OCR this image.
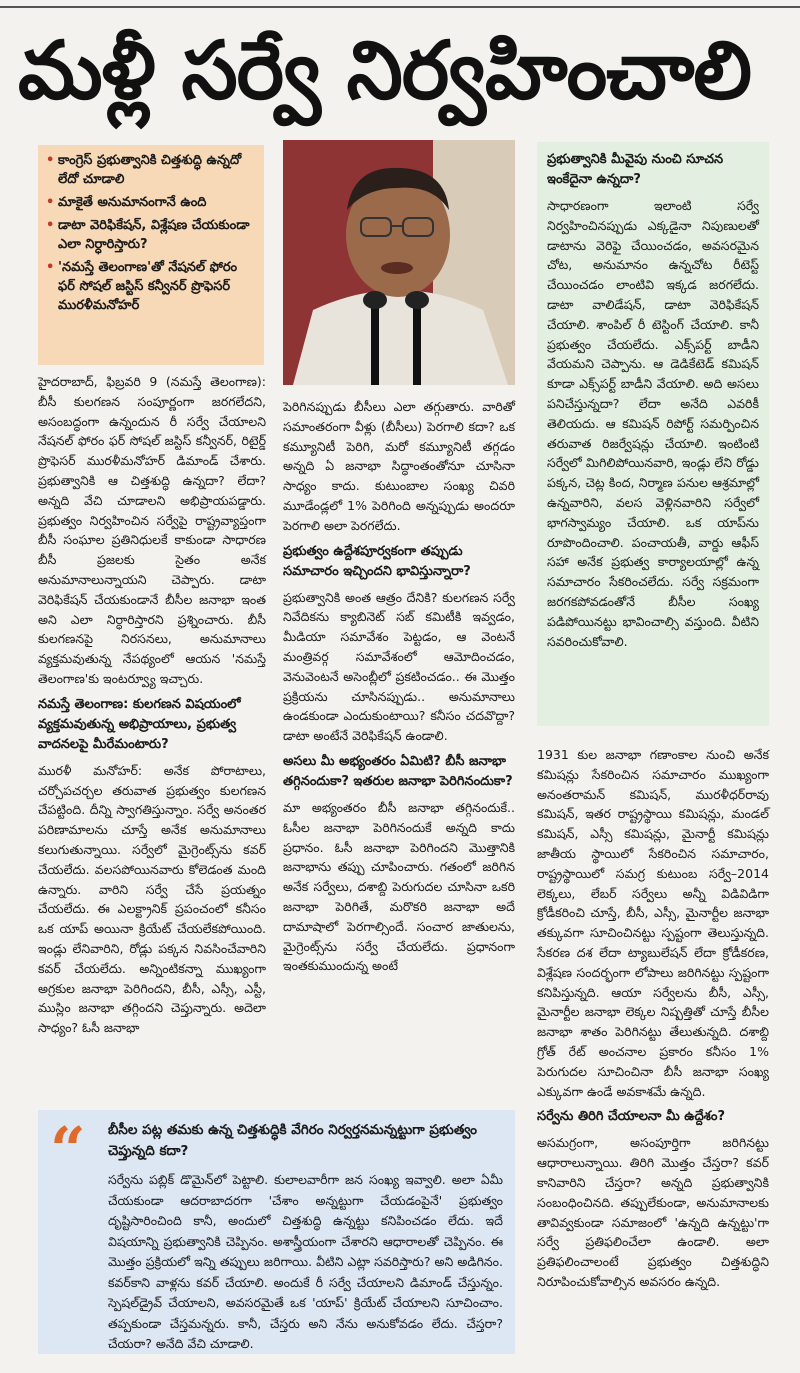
మళ్లీ సర్వే నిర్వహించాలి
• కాంగ్రెస్ ప్రభుత్వానికి చిత్తశుద్ధి ఉన్నదో లేదో చూడాలి
• మాకైతే అనుమానంగానే ఉంది
• డాటా వెరిఫికేషన్, విశ్లేషణ చేయకుండా ఎలా నిర్ధారిస్తారు?
• 'నమస్తే తెలంగాణ'తో నేషనల్ ఫోరం ఫర్ సోషల్ జస్టిస్ కన్వీనర్ ప్రొఫెసర్ మురళీమనోహర్

హైదరాబాద్, ఫిబ్రవరి 9 (నమస్తే తెలంగాణ): బీసీ కులగణన సంపూర్ణంగా జరగలేదని, అసంబద్ధంగా ఉన్నందున రీ సర్వే చేయాలని నేషనల్ ఫోరం ఫర్ సోషల్ జస్టిస్ కన్వీనర్, రిటైర్డ్ ప్రొఫెసర్ మురళీమనోహర్ డిమాండ్ చేశారు. ప్రభుత్వానికి ఆ చిత్తశుద్ధి ఉన్నదా? లేదా? అన్నది వేచి చూడాలని అభిప్రాయపడ్డారు. ప్రభుత్వం నిర్వహించిన సర్వేపై రాష్ట్రవ్యాప్తంగా బీసీ సంఘాల ప్రతినిధులకే కాకుండా సాధారణ బీసీ ప్రజలకు సైతం అనేక అనుమానాలున్నాయని చెప్పారు. డాటా వెరిఫికేషన్ చేయకుండానే బీసీల జనాభా ఇంత అని ఎలా నిర్ధారిస్తారని ప్రశ్నించారు. బీసీ కులగణనపై నిరసనలు, అనుమానాలు వ్యక్తమవుతున్న నేపథ్యంలో ఆయన 'నమస్తే తెలంగాణ'కు ఇంటర్వ్యూ ఇచ్చారు.

నమస్తే తెలంగాణ: కులగణన విషయంలో వ్యక్తమవుతున్న అభిప్రాయాలు, ప్రభుత్వ వాదనలపై మీరేమంటారు?

మురళీ మనోహర్: అనేక పోరాటాలు, చర్చోపచర్చల తరువాత ప్రభుత్వం కులగణన చేపట్టింది. దీన్ని స్వాగతిస్తున్నాం. సర్వే అనంతర పరిణామాలను చూస్తే అనేక అనుమానాలు కలుగుతున్నాయి. సర్వేలో మైగ్రెంట్స్‌ను కవర్ చేయలేదు. వలసపోయినవారు కోలెడంత మంది ఉన్నారు. వారిని సర్వే చేసే ప్రయత్నం చేయలేదు. ఈ ఎలక్ట్రానిక్ ప్రపంచంలో కనీసం ఒక యాప్ అయినా క్రియేట్ చేయలేకపోయింది. ఇండ్లు లేనివారిని, రోడ్లు పక్కన నివసించేవారిని కవర్ చేయలేదు. అన్నింటికన్నా ముఖ్యంగా అగ్రకుల జనాభా పెరిగిందని, బీసీ, ఎస్సీ, ఎస్టీ, ముస్లిం జనాభా తగ్గిందని చెప్తున్నారు. అదెలా సాధ్యం? ఓసీ జనాభా

పెరిగినప్పుడు బీసీలు ఎలా తగ్గుతారు. వారితో సమాంతరంగా వీళ్లు (బీసీలు) పెరగాలి కదా? ఒక కమ్యూనిటీ పెరిగి, మరో కమ్యూనిటీ తగ్గడం అన్నది ఏ జనాభా సిద్ధాంతంతోనూ చూసినా సాధ్యం కాదు. కుటుంబాల సంఖ్య చివరి మూడేండ్లలో 1% పెరిగింది అన్నప్పుడు అందరూ పెరగాలి అలా పెరగలేదు.

ప్రభుత్వం ఉద్దేశపూర్వకంగా తప్పుడు సమాచారం ఇచ్చిందని భావిస్తున్నారా?

ప్రభుత్వానికి అంత ఆత్రం దేనికి? కులగణన సర్వే నివేదికను క్యాబినెట్ సబ్ కమిటీకి ఇవ్వడం, మీడియా సమావేశం పెట్టడం, ఆ వెంటనే మంత్రివర్గ సమావేశంలో ఆమోదించడం, వెనువెంటనే అసెంబ్లీలో ప్రకటించడం.. ఈ మొత్తం ప్రక్రియను చూసినప్పుడు.. అనుమానాలు ఉండకుండా ఎందుకుంటాయి? కనీసం చదవొద్దా? డాటా అంటేనే వెరిఫికేషన్ ఉండాలి.

అసలు మీ అభ్యంతరం ఏమిటి? బీసీ జనాభా తగ్గినందుకా? ఇతరుల జనాభా పెరిగినందుకా?

మా అభ్యంతరం బీసీ జనాభా తగ్గినందుకే.. ఓసీల జనాభా పెరిగినందుకే అన్నది కాదు ప్రధానం. ఓసీ జనాభా పెరిగిందని మొత్తానికి జనాభాను తప్పు చూపించారు. గతంలో జరిగిన అనేక సర్వేలు, దశాబ్ది పెరుగుదల చూసినా ఒకరి జనాభా పెరిగితే, మరొకరి జనాభా అదే దామాషాలో పెరగాల్సిందే. సంచార జాతులను, మైగ్రెంట్స్‌ను సర్వే చేయలేదు. ప్రధానంగా ఇంతకుముందున్న అంటే

ప్రభుత్వానికి మీవైపు నుంచి సూచన ఇంకేదైనా ఉన్నదా?

సాధారణంగా ఇలాంటి సర్వే నిర్వహించినప్పుడు ఎక్కడైనా నిపుణులతో డాటాను వెరిఫై చేయించడం, అవసరమైన చోట, అనుమానం ఉన్నచోట రీటెస్ట్ చేయించడం లాంటివి ఇక్కడ జరగలేదు. డాటా వాలిడేషన్, డాటా వెరిఫికేషన్ చేయాలి. శాంపిల్ రీ టెస్టింగ్ చేయాలి. కానీ ప్రభుత్వం చేయలేదు. ఎక్స్‌పర్ట్ బాడీని వేయమని చెప్పాను. ఆ డెడికేటెడ్ కమిషన్ కూడా ఎక్స్‌పర్ట్ బాడీని వేయాలి. అది అసలు పనిచేస్తున్నదా? లేదా అనేది ఎవరికీ తెలియదు. ఆ కమిషన్ రిపోర్ట్ సమర్పించిన తరువాత రిజర్వేషన్లు చేయాలి. ఇంటింటి సర్వేలో మిగిలిపోయినవారి, ఇండ్లు లేని రోడ్డు పక్కన, చెట్ల కింద, నిర్మాణ పనుల ఆశ్రమాల్లో ఉన్నవారిని, వలస వెళ్లినవారిని సర్వేలో భాగస్వామ్యం చేయాలి. ఒక యాప్‌ను రూపొందించాలి. పంచాయతీ, వార్డు ఆఫీస్ సహా అనేక ప్రభుత్వ కార్యాలయాల్లో ఉన్న సమాచారం సేకరించలేదు. సర్వే సక్రమంగా జరగకపోవడంతోనే బీసీల సంఖ్య పడిపోయినట్టు భావించాల్సి వస్తుంది. వీటిని సవరించుకోవాలి.

1931 కుల జనాభా గణాంకాల నుంచి అనేక కమిషన్లు సేకరించిన సమాచారం ముఖ్యంగా అనంతరామన్ కమిషన్, మురళీధర్‌రావు కమిషన్, ఇతర రాష్ట్రస్థాయి కమిషన్లు, మండల్ కమిషన్, ఎస్సీ కమిషన్లు, మైనార్టీ కమిషన్లు జాతీయ స్థాయిలో సేకరించిన సమాచారం, రాష్ట్రస్థాయిలో సమగ్ర కుటుంబ సర్వే–2014 లెక్కలు, లేబర్ సర్వేలు అన్నీ విడివిడిగా క్రోడీకరించి చూస్తే, బీసీ, ఎస్సీ, మైనార్టీల జనాభా తక్కువగా సూచించినట్టు స్పష్టంగా తెలుస్తున్నది. సేకరణ దశ లేదా ట్యాబులేషన్ లేదా క్రోడీకరణ, విశ్లేషణ సందర్భంగా లోపాలు జరిగినట్టు స్పష్టంగా కనిపిస్తున్నది. ఆయా సర్వేలను బీసీ, ఎస్సీ, మైనార్టీల జనాభా లెక్కల నిష్పత్తితో చూస్తే బీసీల జనాభా శాతం పెరిగినట్టు తేలుతున్నది. దశాబ్ది గ్రోత్ రేట్ అంచనాల ప్రకారం కనీసం 1% పెరుగుదల సూచించినా బీసీ జనాభా సంఖ్య ఎక్కువగా ఉండే అవకాశమే ఉన్నది.

సర్వేను తిరిగి చేయాలనా మీ ఉద్దేశం?

అసమగ్రంగా, అసంపూర్తిగా జరిగినట్టు ఆధారాలున్నాయి. తిరిగి మొత్తం చేస్తరా? కవర్ కానివారిని చేస్తరా? అన్నది ప్రభుత్వానికి సంబంధించినది. తప్పులేకుండా, అనుమానాలకు తావివ్వకుండా సమాజంలో 'ఉన్నది ఉన్నట్టు'గా సర్వే ప్రతిఫలించేలా ఉండాలి. అలా ప్రతిఫలించాలంటే ప్రభుత్వం చిత్తశుద్ధిని నిరూపించుకోవాల్సిన అవసరం ఉన్నది.

“ బీసీల పట్ల తమకు ఉన్న చిత్తశుద్ధికి వేగిరం నిర్వర్తనమన్నట్టుగా ప్రభుత్వం చెప్తున్నది కదా?
సర్వేను పబ్లిక్ డొమైన్‌లో పెట్టాలి. కులాలవారీగా జన సంఖ్య ఇవ్వాలి. అలా ఏమీ చేయకుండా ఆదరాబాదరగా 'చేశాం అన్నట్టుగా చేయడంపైనే' ప్రభుత్వం దృష్టిసారించింది కానీ, అందులో చిత్తశుద్ధి ఉన్నట్టు కనిపించడం లేదు. ఇదే విషయాన్ని ప్రభుత్వానికి చెప్పినం. అశాస్త్రీయంగా చేశారని ఆధారాలతో చెప్పినం. ఈ మొత్తం ప్రక్రియలో ఇన్ని తప్పులు జరిగాయి. వీటిని ఎట్లా సవరిస్తారు? అని అడిగినం. కవర్‌కాని వాళ్లను కవర్ చేయాలి. అందుకే రీ సర్వే చేయాలని డిమాండ్ చేస్తున్నం. స్పెషల్‌డ్రైవ్ చేయాలని, అవసరమైతే ఒక 'యాప్' క్రియేట్ చేయాలని సూచించాం. తప్పకుండా చేస్తమన్నరు. కానీ, చేస్తరు అని నేను అనుకోవడం లేదు. చేస్తరా? చేయరా? అనేది వేచి చూడాలి.
